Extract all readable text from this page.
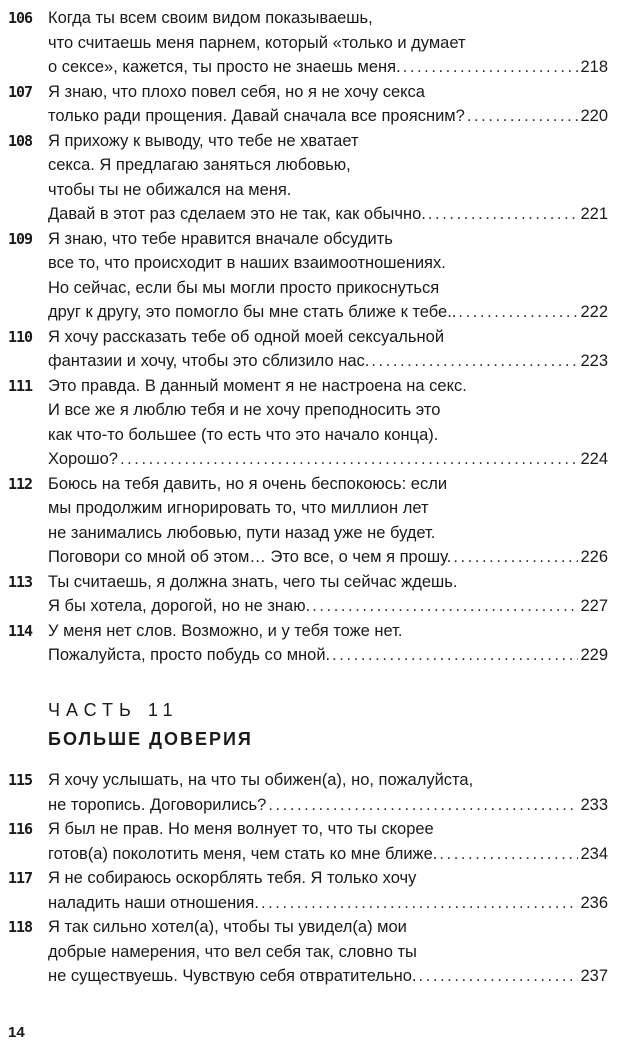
106 Когда ты всем своим видом показываешь,
что считаешь меня парнем, который «только и думает
о сексе», кажется, ты просто не знаешь меня. . . .	218
107 Я знаю, что плохо повел себя, но я не хочу секса
только ради прощения. Давай сначала все проясним? . . .	220
108 Я прихожу к выводу, что тебе не хватает
секса. Я предлагаю заняться любовью,
чтобы ты не обижался на меня.
Давай в этот раз сделаем это не так, как обычно. . . .	221
109 Я знаю, что тебе нравится вначале обсудить
все то, что происходит в наших взаимоотношениях.
Но сейчас, если бы мы могли просто прикоснуться
друг к другу, это помогло бы мне стать ближе к тебе.. . . .	222
110 Я хочу рассказать тебе об одной моей сексуальной
фантазии и хочу, чтобы это сблизило нас. . . .	223
111 Это правда. В данный момент я не настроена на секс.
И все же я люблю тебя и не хочу преподносить это
как что-то большее (то есть что это начало конца).
Хорошо? . . .	224
112 Боюсь на тебя давить, но я очень беспокоюсь: если
мы продолжим игнорировать то, что миллион лет
не занимались любовью, пути назад уже не будет.
Поговори со мной об этом… Это все, о чем я прошу. . . .	226
113 Ты считаешь, я должна знать, чего ты сейчас ждешь.
Я бы хотела, дорогой, но не знаю. . . .	227
114 У меня нет слов. Возможно, и у тебя тоже нет.
Пожалуйста, просто побудь со мной. . . .	229
ЧАСТЬ 11
БОЛЬШЕ ДОВЕРИЯ
115 Я хочу услышать, на что ты обижен(а), но, пожалуйста,
не торопись. Договорились? . . .	233
116 Я был не прав. Но меня волнует то, что ты скорее
готов(а) поколотить меня, чем стать ко мне ближе. . . .	234
117 Я не собираюсь оскорблять тебя. Я только хочу
наладить наши отношения. . . .	236
118 Я так сильно хотел(а), чтобы ты увидел(а) мои
добрые намерения, что вел себя так, словно ты
не существуешь. Чувствую себя отвратительно. . . .	237
14
